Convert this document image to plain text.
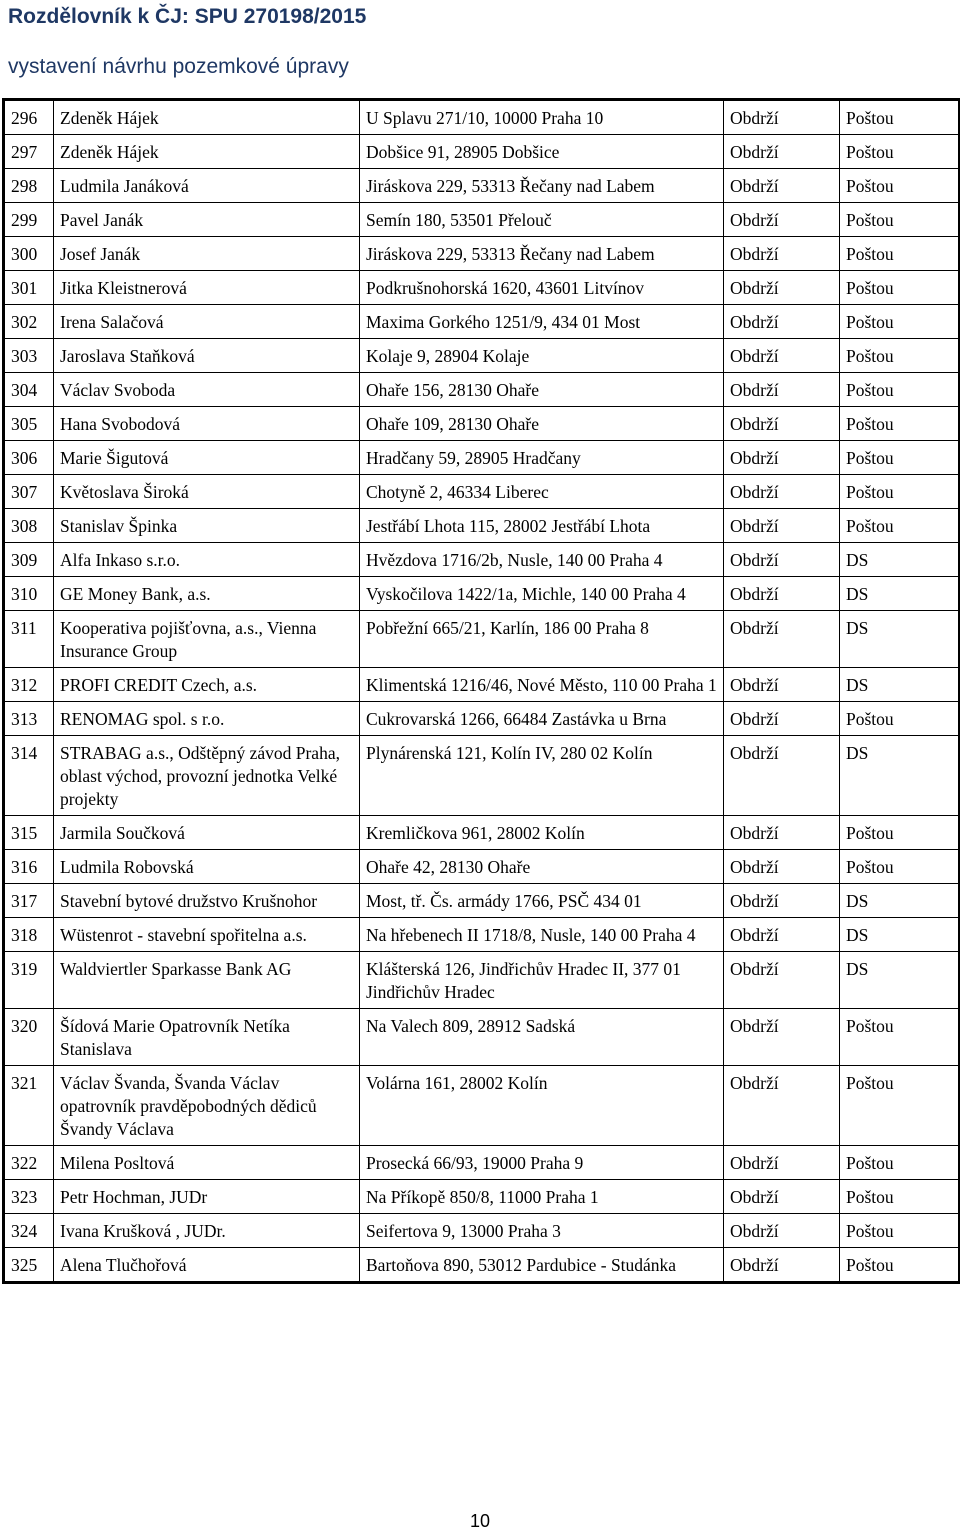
Rozdělovník k ČJ: SPU 270198/2015
vystavení návrhu pozemkové úpravy
296	Zdeněk Hájek	U Splavu 271/10, 10000 Praha 10	Obdrží	Poštou
297	Zdeněk Hájek	Dobšice 91, 28905 Dobšice	Obdrží	Poštou
298	Ludmila Janáková	Jiráskova 229, 53313 Řečany nad Labem	Obdrží	Poštou
299	Pavel Janák	Semín 180, 53501 Přelouč	Obdrží	Poštou
300	Josef Janák	Jiráskova 229, 53313 Řečany nad Labem	Obdrží	Poštou
301	Jitka Kleistnerová	Podkrušnohorská 1620, 43601 Litvínov	Obdrží	Poštou
302	Irena Salačová	Maxima Gorkého 1251/9, 434 01 Most	Obdrží	Poštou
303	Jaroslava Staňková	Kolaje 9, 28904 Kolaje	Obdrží	Poštou
304	Václav Svoboda	Ohaře 156, 28130 Ohaře	Obdrží	Poštou
305	Hana Svobodová	Ohaře 109, 28130 Ohaře	Obdrží	Poštou
306	Marie Šigutová	Hradčany 59, 28905 Hradčany	Obdrží	Poštou
307	Květoslava Široká	Chotyně 2, 46334 Liberec	Obdrží	Poštou
308	Stanislav Špinka	Jestřábí Lhota 115, 28002 Jestřábí Lhota	Obdrží	Poštou
309	Alfa Inkaso s.r.o.	Hvězdova 1716/2b, Nusle, 140 00 Praha 4	Obdrží	DS
310	GE Money Bank, a.s.	Vyskočilova 1422/1a, Michle, 140 00 Praha 4	Obdrží	DS
311	Kooperativa pojišťovna, a.s., Vienna Insurance Group	Pobřežní 665/21, Karlín, 186 00 Praha 8	Obdrží	DS
312	PROFI CREDIT Czech, a.s.	Klimentská 1216/46, Nové Město, 110 00 Praha 1	Obdrží	DS
313	RENOMAG spol. s r.o.	Cukrovarská 1266, 66484 Zastávka u Brna	Obdrží	Poštou
314	STRABAG a.s., Odštěpný závod Praha, oblast východ, provozní jednotka Velké projekty	Plynárenská 121, Kolín IV, 280 02 Kolín	Obdrží	DS
315	Jarmila Součková	Kremličkova 961, 28002 Kolín	Obdrží	Poštou
316	Ludmila Robovská	Ohaře 42, 28130 Ohaře	Obdrží	Poštou
317	Stavební bytové družstvo Krušnohor	Most, tř. Čs. armády 1766, PSČ 434 01	Obdrží	DS
318	Wüstenrot - stavební spořitelna a.s.	Na hřebenech II 1718/8, Nusle, 140 00 Praha 4	Obdrží	DS
319	Waldviertler Sparkasse Bank AG	Klášterská 126, Jindřichův Hradec II, 377 01 Jindřichův Hradec	Obdrží	DS
320	Šídová Marie Opatrovník Netíka Stanislava	Na Valech 809, 28912 Sadská	Obdrží	Poštou
321	Václav Švanda, Švanda Václav opatrovník pravděpobodných dědiců Švandy Václava	Volárna 161, 28002 Kolín	Obdrží	Poštou
322	Milena Posltová	Prosecká 66/93, 19000 Praha 9	Obdrží	Poštou
323	Petr Hochman, JUDr	Na Příkopě 850/8, 11000 Praha 1	Obdrží	Poštou
324	Ivana Krušková , JUDr.	Seifertova 9, 13000 Praha 3	Obdrží	Poštou
325	Alena Tlučhořová	Bartoňova 890, 53012 Pardubice - Studánka	Obdrží	Poštou
10
